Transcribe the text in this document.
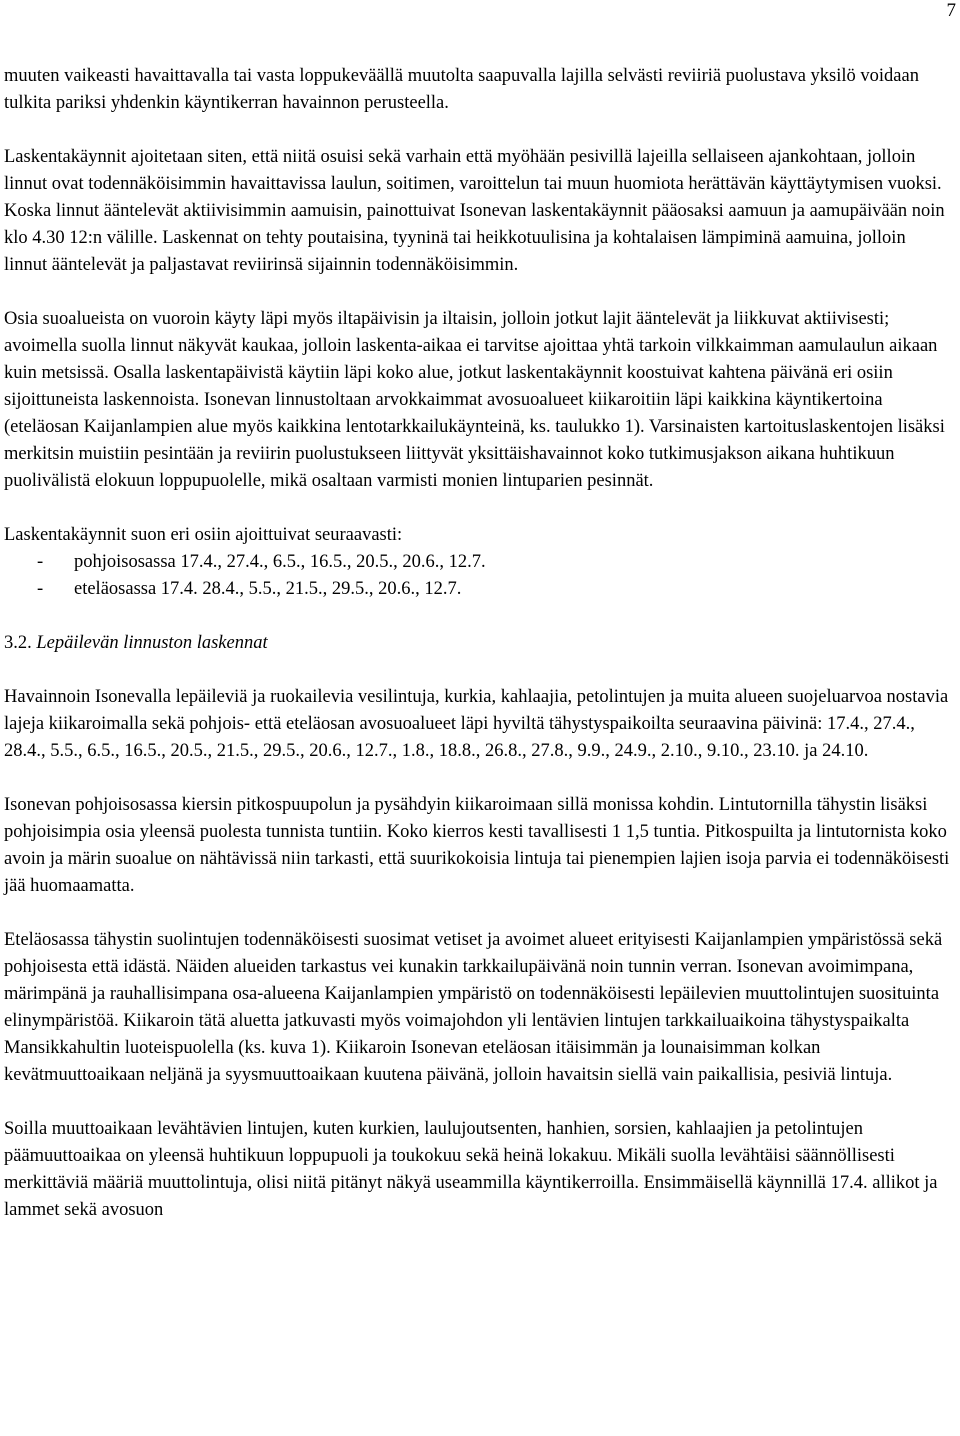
7

muuten vaikeasti havaittavalla tai vasta loppukeväällä muutolta saapuvalla lajilla selvästi reviiriä puolustava yksilö voidaan tulkita pariksi yhdenkin käyntikerran havainnon perusteella.

Laskentakäynnit ajoitetaan siten, että niitä osuisi sekä varhain että myöhään pesivillä lajeilla sellaiseen ajankohtaan, jolloin linnut ovat todennäköisimmin havaittavissa laulun, soitimen, varoittelun tai muun huomiota herättävän käyttäytymisen vuoksi. Koska linnut ääntelevät aktiivisimmin aamuisin, painottuivat Isonevan laskentakäynnit pääosaksi aamuun ja aamupäivään noin klo 4.30 12:n välille. Laskennat on tehty poutaisina, tyyninä tai heikkotuulisina ja kohtalaisen lämpiminä aamuina, jolloin linnut ääntelevät ja paljastavat reviirinsä sijainnin todennäköisimmin.

Osia suoalueista on vuoroin käyty läpi myös iltapäivisin ja iltaisin, jolloin jotkut lajit ääntelevät ja liikkuvat aktiivisesti; avoimella suolla linnut näkyvät kaukaa, jolloin laskenta-aikaa ei tarvitse ajoittaa yhtä tarkoin vilkkaimman aamulaulun aikaan kuin metsissä. Osalla laskentapäivistä käytiin läpi koko alue, jotkut laskentakäynnit koostuivat kahtena päivänä eri osiin sijoittuneista laskennoista. Isonevan linnustoltaan arvokkaimmat avosuoalueet kiikaroitiin läpi kaikkina käyntikertoina (eteläosan Kaijanlampien alue myös kaikkina lentotarkkailukäynteinä, ks. taulukko 1). Varsinaisten kartoituslaskentojen lisäksi merkitsin muistiin pesintään ja reviirin puolustukseen liittyvät yksittäishavainnot koko tutkimusjakson aikana huhtikuun puolivälistä elokuun loppupuolelle, mikä osaltaan varmisti monien lintuparien pesinnät.

Laskentakäynnit suon eri osiin ajoittuivat seuraavasti:

- pohjoisosassa 17.4., 27.4., 6.5., 16.5., 20.5., 20.6., 12.7.
- eteläosassa 17.4. 28.4., 5.5., 21.5., 29.5., 20.6., 12.7.

3.2. Lepäilevän linnuston laskennat

Havainnoin Isonevalla lepäileviä ja ruokailevia vesilintuja, kurkia, kahlaajia, petolintujen ja muita alueen suojeluarvoa nostavia lajeja kiikaroimalla sekä pohjois- että eteläosan avosuoalueet läpi hyviltä tähystyspaikoilta seuraavina päivinä: 17.4., 27.4., 28.4., 5.5., 6.5., 16.5., 20.5., 21.5., 29.5., 20.6., 12.7., 1.8., 18.8., 26.8., 27.8., 9.9., 24.9., 2.10., 9.10., 23.10. ja 24.10.

Isonevan pohjoisosassa kiersin pitkospuupolun ja pysähdyin kiikaroimaan sillä monissa kohdin. Lintutornilla tähystin lisäksi pohjoisimpia osia yleensä puolesta tunnista tuntiin. Koko kierros kesti tavallisesti 1 1,5 tuntia. Pitkospuilta ja lintutornista koko avoin ja märin suoalue on nähtävissä niin tarkasti, että suurikokoisia lintuja tai pienempien lajien isoja parvia ei todennäköisesti jää huomaamatta.

Eteläosassa tähystin suolintujen todennäköisesti suosimat vetiset ja avoimet alueet erityisesti Kaijanlampien ympäristössä sekä pohjoisesta että idästä. Näiden alueiden tarkastus vei kunakin tarkkailupäivänä noin tunnin verran. Isonevan avoimimpana, märimpänä ja rauhallisimpana osa-alueena Kaijanlampien ympäristö on todennäköisesti lepäilevien muuttolintujen suosituinta elinympäristöä. Kiikaroin tätä aluetta jatkuvasti myös voimajohdon yli lentävien lintujen tarkkailuaikoina tähystyspaikalta Mansikkahultin luoteispuolella (ks. kuva 1). Kiikaroin Isonevan eteläosan itäisimmän ja lounaisimman kolkan kevätmuuttoaikaan neljänä ja syysmuuttoaikaan kuutena päivänä, jolloin havaitsin siellä vain paikallisia, pesiviä lintuja.

Soilla muuttoaikaan levähtävien lintujen, kuten kurkien, laulujoutsenten, hanhien, sorsien, kahlaajien ja petolintujen päämuuttoaikaa on yleensä huhtikuun loppupuoli ja toukokuu sekä heinä lokakuu. Mikäli suolla levähtäisi säännöllisesti merkittäviä määriä muuttolintuja, olisi niitä pitänyt näkyä useammilla käyntikerroilla. Ensimmäisellä käynnillä 17.4. allikot ja lammet sekä avosuon
